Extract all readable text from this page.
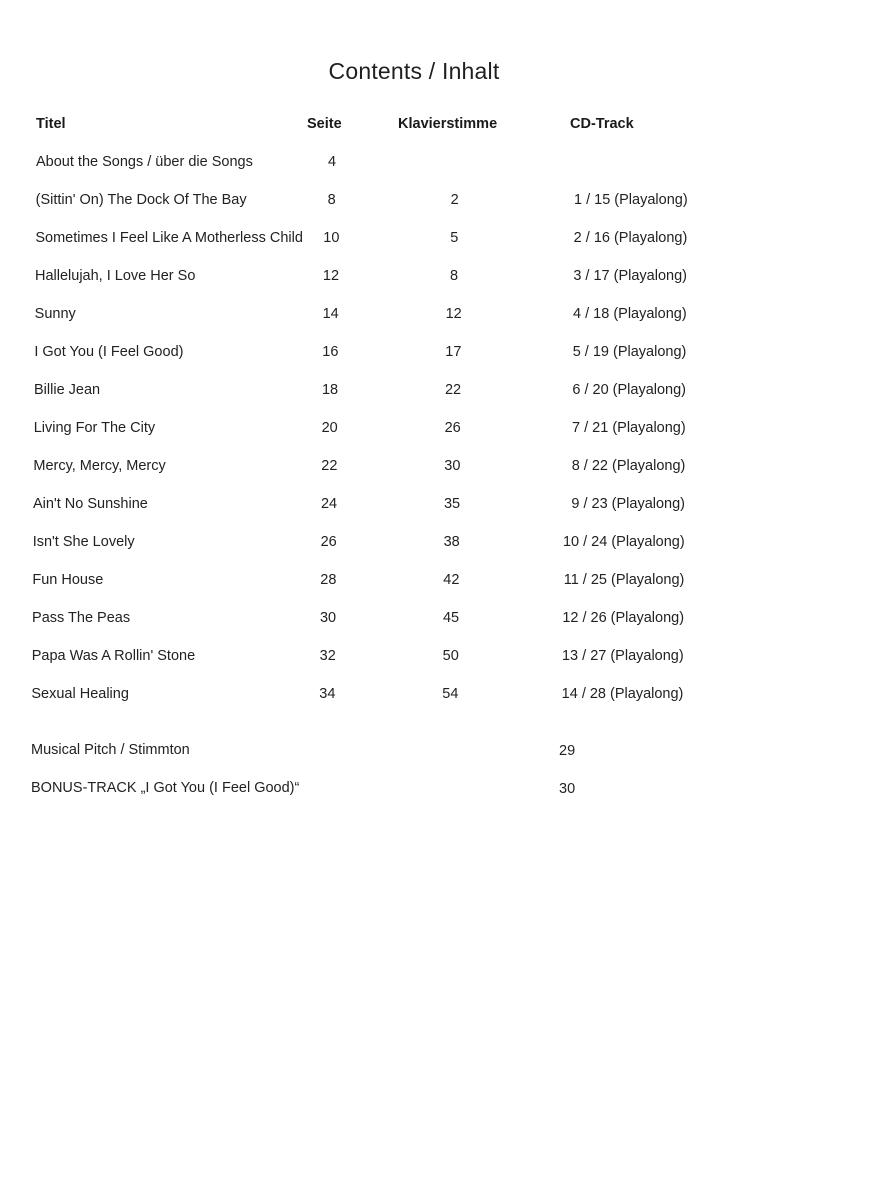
Contents / Inhalt
Titel	Seite	Klavierstimme	CD-Track
About the Songs / über die Songs	4
(Sittin' On) The Dock Of The Bay	8	2	1 / 15 (Playalong)
Sometimes I Feel Like A Motherless Child	10	5	2 / 16 (Playalong)
Hallelujah, I Love Her So	12	8	3 / 17 (Playalong)
Sunny	14	12	4 / 18 (Playalong)
I Got You (I Feel Good)	16	17	5 / 19 (Playalong)
Billie Jean	18	22	6 / 20 (Playalong)
Living For The City	20	26	7 / 21 (Playalong)
Mercy, Mercy, Mercy	22	30	8 / 22 (Playalong)
Ain't No Sunshine	24	35	9 / 23 (Playalong)
Isn't She Lovely	26	38	10 / 24 (Playalong)
Fun House	28	42	11 / 25 (Playalong)
Pass The Peas	30	45	12 / 26 (Playalong)
Papa Was A Rollin' Stone	32	50	13 / 27 (Playalong)
Sexual Healing	34	54	14 / 28 (Playalong)
Musical Pitch / Stimmton	29
BONUS-TRACK „I Got You (I Feel Good)“	30
